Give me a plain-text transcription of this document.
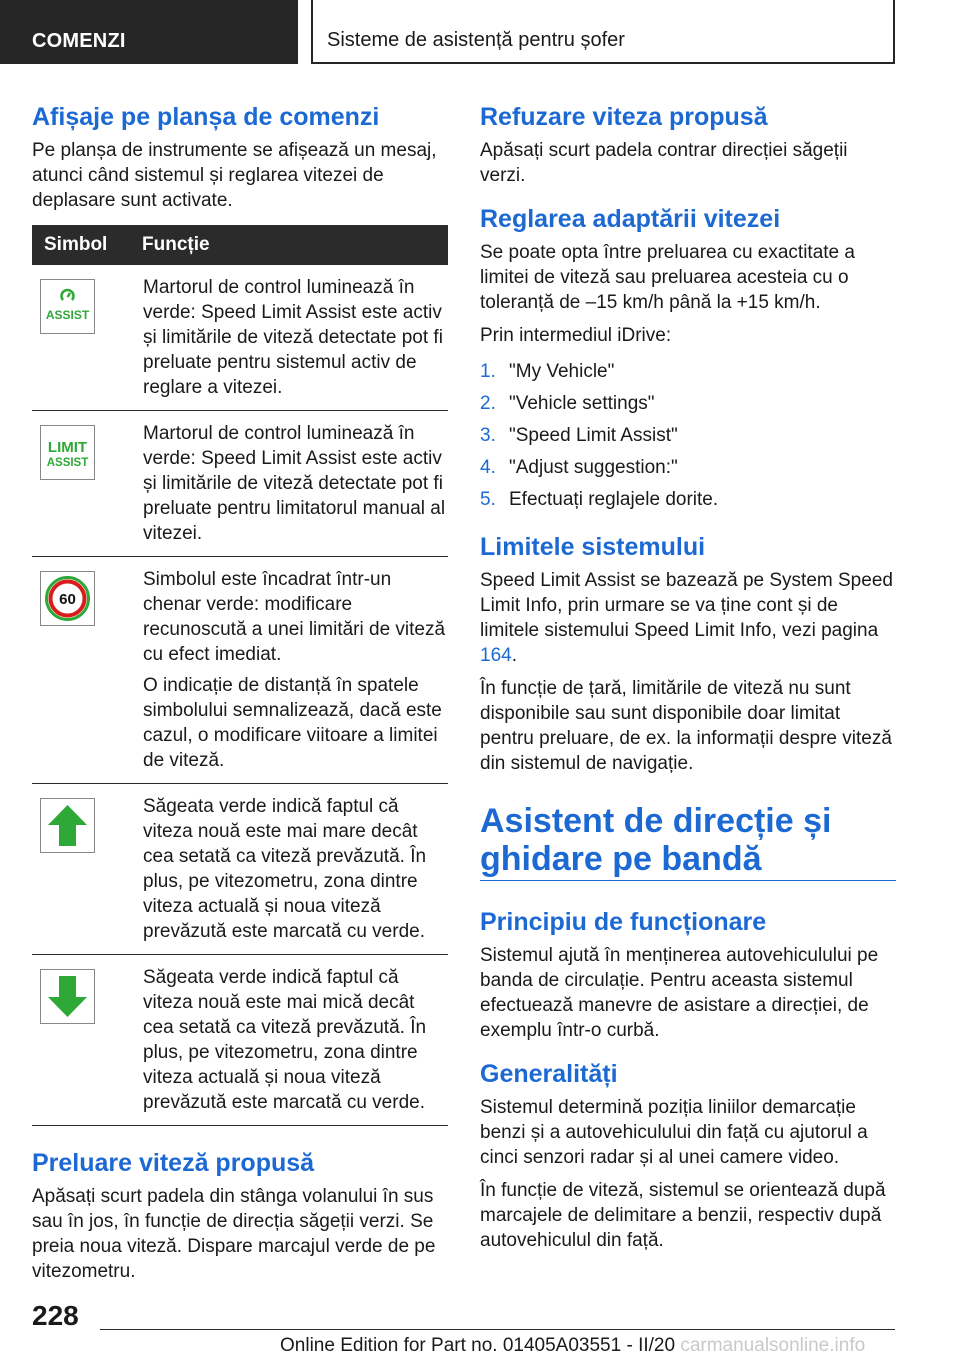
COMENZI	Sisteme de asistență pentru șofer
Afișaje pe planșa de comenzi

Pe planșa de instrumente se afișează un mesaj, atunci când sistemul și reglarea vitezei de deplasare sunt activate.

Simbol	Funcție
ASSIST

Martorul de control luminează în verde: Speed Limit Assist este activ și limitările de viteză detectate pot fi preluate pentru sistemul activ de reglare a vitezei.

LIMIT
ASSIST

Martorul de control luminează în verde: Speed Limit Assist este activ și limitările de viteză detectate pot fi preluate pentru limitatorul manual al vitezei.

60

Simbolul este încadrat într-un chenar verde: modificare recunoscută a unei limitări de viteză cu efect imediat.

O indicație de distanță în spatele simbolului semnalizează, dacă este cazul, o modificare viitoare a limitei de viteză.

Săgeata verde indică faptul că viteza nouă este mai mare decât cea setată ca viteză prevăzută. În plus, pe vitezometru, zona dintre viteza actuală și noua viteză prevăzută este marcată cu verde.

Săgeata verde indică faptul că viteza nouă este mai mică decât cea setată ca viteză prevăzută. În plus, pe vitezometru, zona dintre viteza actuală și noua viteză prevăzută este marcată cu verde.

Preluare viteză propusă

Apăsați scurt padela din stânga volanului în sus sau în jos, în funcție de direcția săgeții verzi. Se preia noua viteză. Dispare marcajul verde de pe vitezometru.

Refuzare viteza propusă

Apăsați scurt padela contrar direcției săgeții verzi.

Reglarea adaptării vitezei

Se poate opta între preluarea cu exactitate a limitei de viteză sau preluarea acesteia cu o toleranță de –15 km/h până la +15 km/h.

Prin intermediul iDrive:

1. "My Vehicle"
2. "Vehicle settings"
3. "Speed Limit Assist"
4. "Adjust suggestion:"
5. Efectuați reglajele dorite.
Limitele sistemului

Speed Limit Assist se bazează pe System Speed Limit Info, prin urmare se va ține cont și de limitele sistemului Speed Limit Info, vezi pagina 164.

În funcție de țară, limitările de viteză nu sunt disponibile sau sunt disponibile doar limitat pentru preluare, de ex. la informații despre viteză din sistemul de navigație.

Asistent de direcție și ghidare pe bandă
Principiu de funcționare

Sistemul ajută în menținerea autovehiculului pe banda de circulație. Pentru aceasta sistemul efectuează manevre de asistare a direcției, de exemplu într-o curbă.

Generalități

Sistemul determină poziția liniilor demarcație benzi și a autovehiculului din față cu ajutorul a cinci senzori radar și al unei camere video.

În funcție de viteză, sistemul se orientează după marcajele de delimitare a benzii, respectiv după autovehiculul din față.

228
Online Edition for Part no. 01405A03551 - II/20 carmanualsonline.info
